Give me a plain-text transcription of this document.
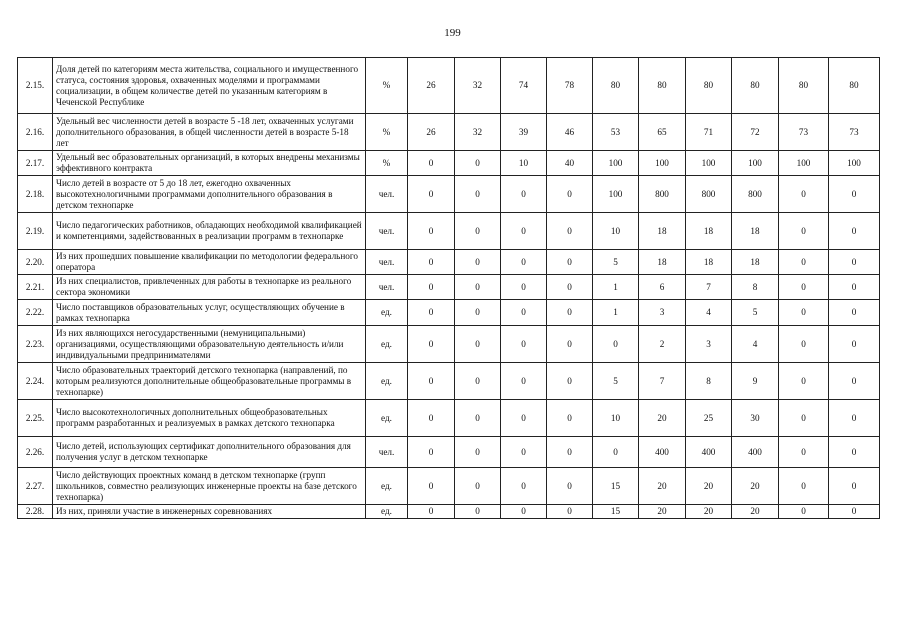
199
2.15.	Доля детей по категориям места жительства, социального и имущественного статуса, состояния здоровья, охваченных моделями и программами социализации, в общем количестве детей по указанным категориям в Чеченской Республике	%	26	32	74	78	80	80	80	80	80	80
2.16.	Удельный вес численности детей в возрасте 5 -18 лет, охваченных услугами дополнительного образования, в общей численности детей в возрасте 5-18 лет	%	26	32	39	46	53	65	71	72	73	73
2.17.	Удельный вес образовательных организаций, в которых внедрены механизмы эффективного контракта	%	0	0	10	40	100	100	100	100	100	100
2.18.	Число детей в возрасте от 5 до 18 лет, ежегодно охваченных высокотехнологичными программами дополнительного образования в детском технопарке	чел.	0	0	0	0	100	800	800	800	0	0
2.19.	Число педагогических работников, обладающих необходимой квалификацией и компетенциями, задействованных в реализации программ в технопарке	чел.	0	0	0	0	10	18	18	18	0	0
2.20.	Из них прошедших повышение квалификации по методологии федерального оператора	чел.	0	0	0	0	5	18	18	18	0	0
2.21.	Из них специалистов, привлеченных для работы в технопарке из реального сектора экономики	чел.	0	0	0	0	1	6	7	8	0	0
2.22.	Число поставщиков образовательных услуг, осуществляющих обучение в рамках технопарка	ед.	0	0	0	0	1	3	4	5	0	0
2.23.	Из них являющихся негосударственными (немуниципальными) организациями, осуществляющими образовательную деятельность и/или индивидуальными предпринимателями	ед.	0	0	0	0	0	2	3	4	0	0
2.24.	Число образовательных траекторий детского технопарка (направлений, по которым реализуются дополнительные общеобразовательные программы в технопарке)	ед.	0	0	0	0	5	7	8	9	0	0
2.25.	Число высокотехнологичных дополнительных общеобразовательных программ разработанных и реализуемых в рамках детского технопарка	ед.	0	0	0	0	10	20	25	30	0	0
2.26.	Число детей, использующих сертификат дополнительного образования для получения услуг в детском технопарке	чел.	0	0	0	0	0	400	400	400	0	0
2.27.	Число действующих проектных команд в детском технопарке (групп школьников, совместно реализующих инженерные проекты на базе детского технопарка)	ед.	0	0	0	0	15	20	20	20	0	0
2.28.	Из них, приняли участие в инженерных соревнованиях	ед.	0	0	0	0	15	20	20	20	0	0
